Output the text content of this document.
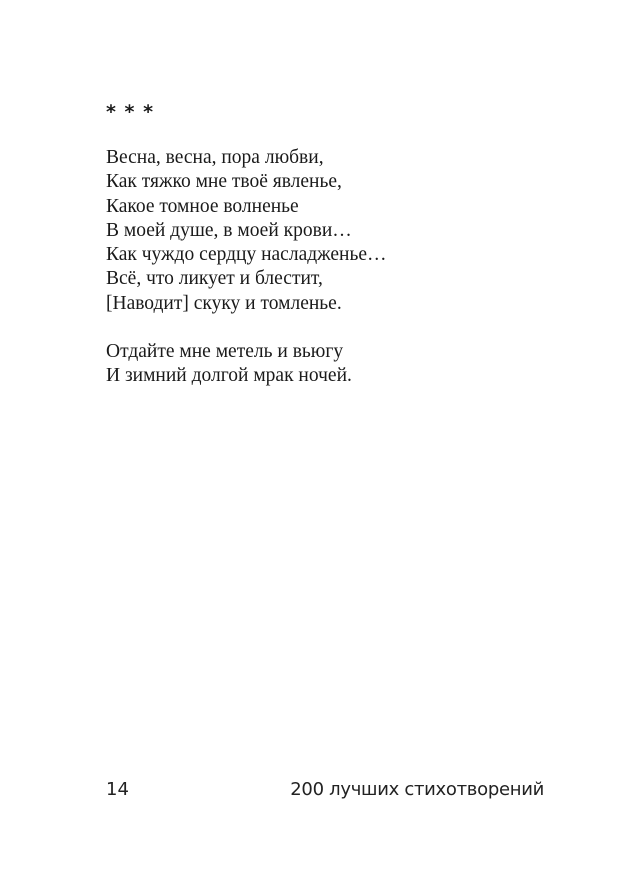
* * *
Весна, весна, пора любви,
Как тяжко мне твоё явленье,
Какое томное волненье
В моей душе, в моей крови…
Как чуждо сердцу насладженье…
Всё, что ликует и блестит,
[Наводит] скуку и томленье.
Отдайте мне метель и вьюгу
И зимний долгой мрак ночей.
14	200 лучших стихотворений
